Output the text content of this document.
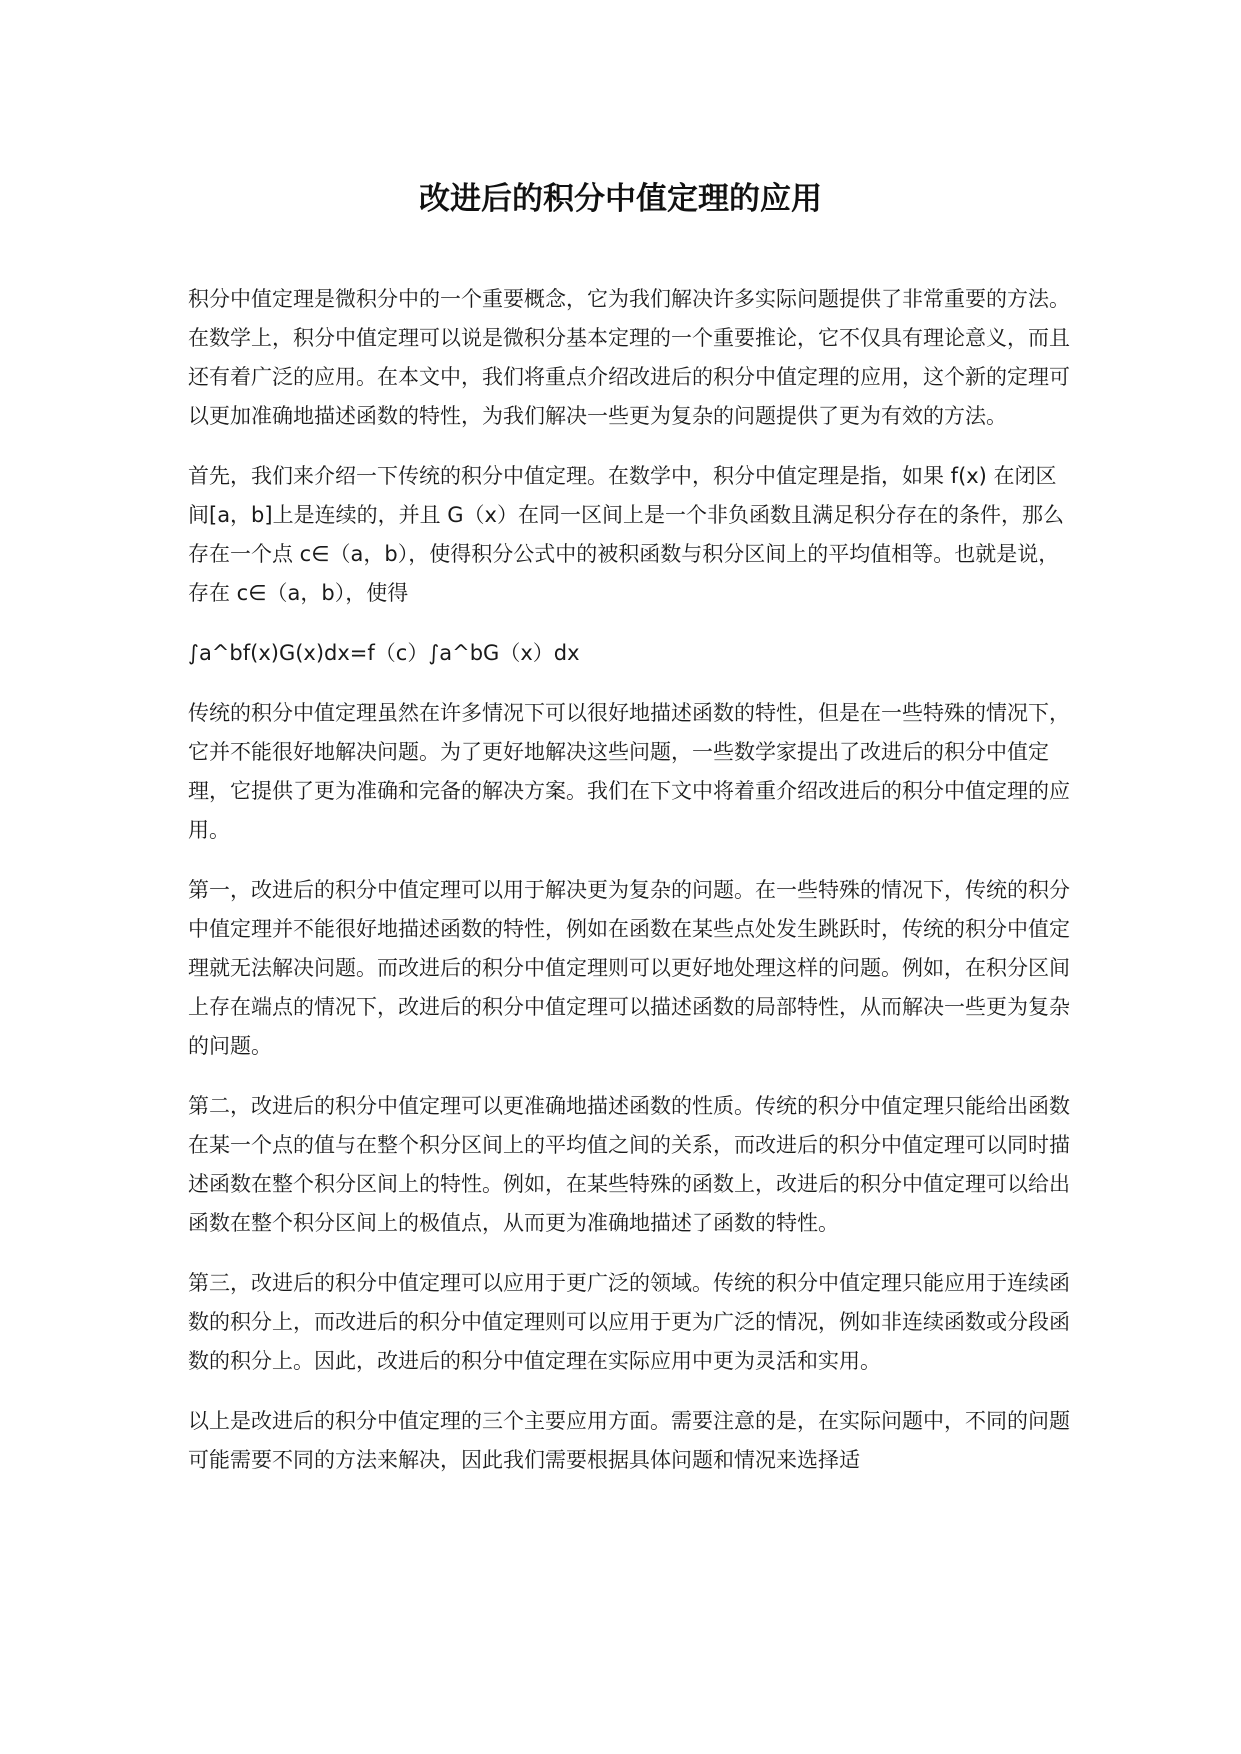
改进后的积分中值定理的应用

积分中值定理是微积分中的一个重要概念，它为我们解决许多实际问题提供了非常重要的方法。在数学上，积分中值定理可以说是微积分基本定理的一个重要推论，它不仅具有理论意义，而且还有着广泛的应用。在本文中，我们将重点介绍改进后的积分中值定理的应用，这个新的定理可以更加准确地描述函数的特性，为我们解决一些更为复杂的问题提供了更为有效的方法。

首先，我们来介绍一下传统的积分中值定理。在数学中，积分中值定理是指，如果 f(x) 在闭区间[a，b]上是连续的，并且 G（x）在同一区间上是一个非负函数且满足积分存在的条件，那么存在一个点 c∈（a，b），使得积分公式中的被积函数与积分区间上的平均值相等。也就是说，存在 c∈（a，b），使得

∫a^bf(x)G(x)dx=f（c）∫a^bG（x）dx

传统的积分中值定理虽然在许多情况下可以很好地描述函数的特性，但是在一些特殊的情况下，它并不能很好地解决问题。为了更好地解决这些问题，一些数学家提出了改进后的积分中值定理，它提供了更为准确和完备的解决方案。我们在下文中将着重介绍改进后的积分中值定理的应用。

第一，改进后的积分中值定理可以用于解决更为复杂的问题。在一些特殊的情况下，传统的积分中值定理并不能很好地描述函数的特性，例如在函数在某些点处发生跳跃时，传统的积分中值定理就无法解决问题。而改进后的积分中值定理则可以更好地处理这样的问题。例如，在积分区间上存在端点的情况下，改进后的积分中值定理可以描述函数的局部特性，从而解决一些更为复杂的问题。

第二，改进后的积分中值定理可以更准确地描述函数的性质。传统的积分中值定理只能给出函数在某一个点的值与在整个积分区间上的平均值之间的关系，而改进后的积分中值定理可以同时描述函数在整个积分区间上的特性。例如，在某些特殊的函数上，改进后的积分中值定理可以给出函数在整个积分区间上的极值点，从而更为准确地描述了函数的特性。

第三，改进后的积分中值定理可以应用于更广泛的领域。传统的积分中值定理只能应用于连续函数的积分上，而改进后的积分中值定理则可以应用于更为广泛的情况，例如非连续函数或分段函数的积分上。因此，改进后的积分中值定理在实际应用中更为灵活和实用。

以上是改进后的积分中值定理的三个主要应用方面。需要注意的是，在实际问题中，不同的问题可能需要不同的方法来解决，因此我们需要根据具体问题和情况来选择适
